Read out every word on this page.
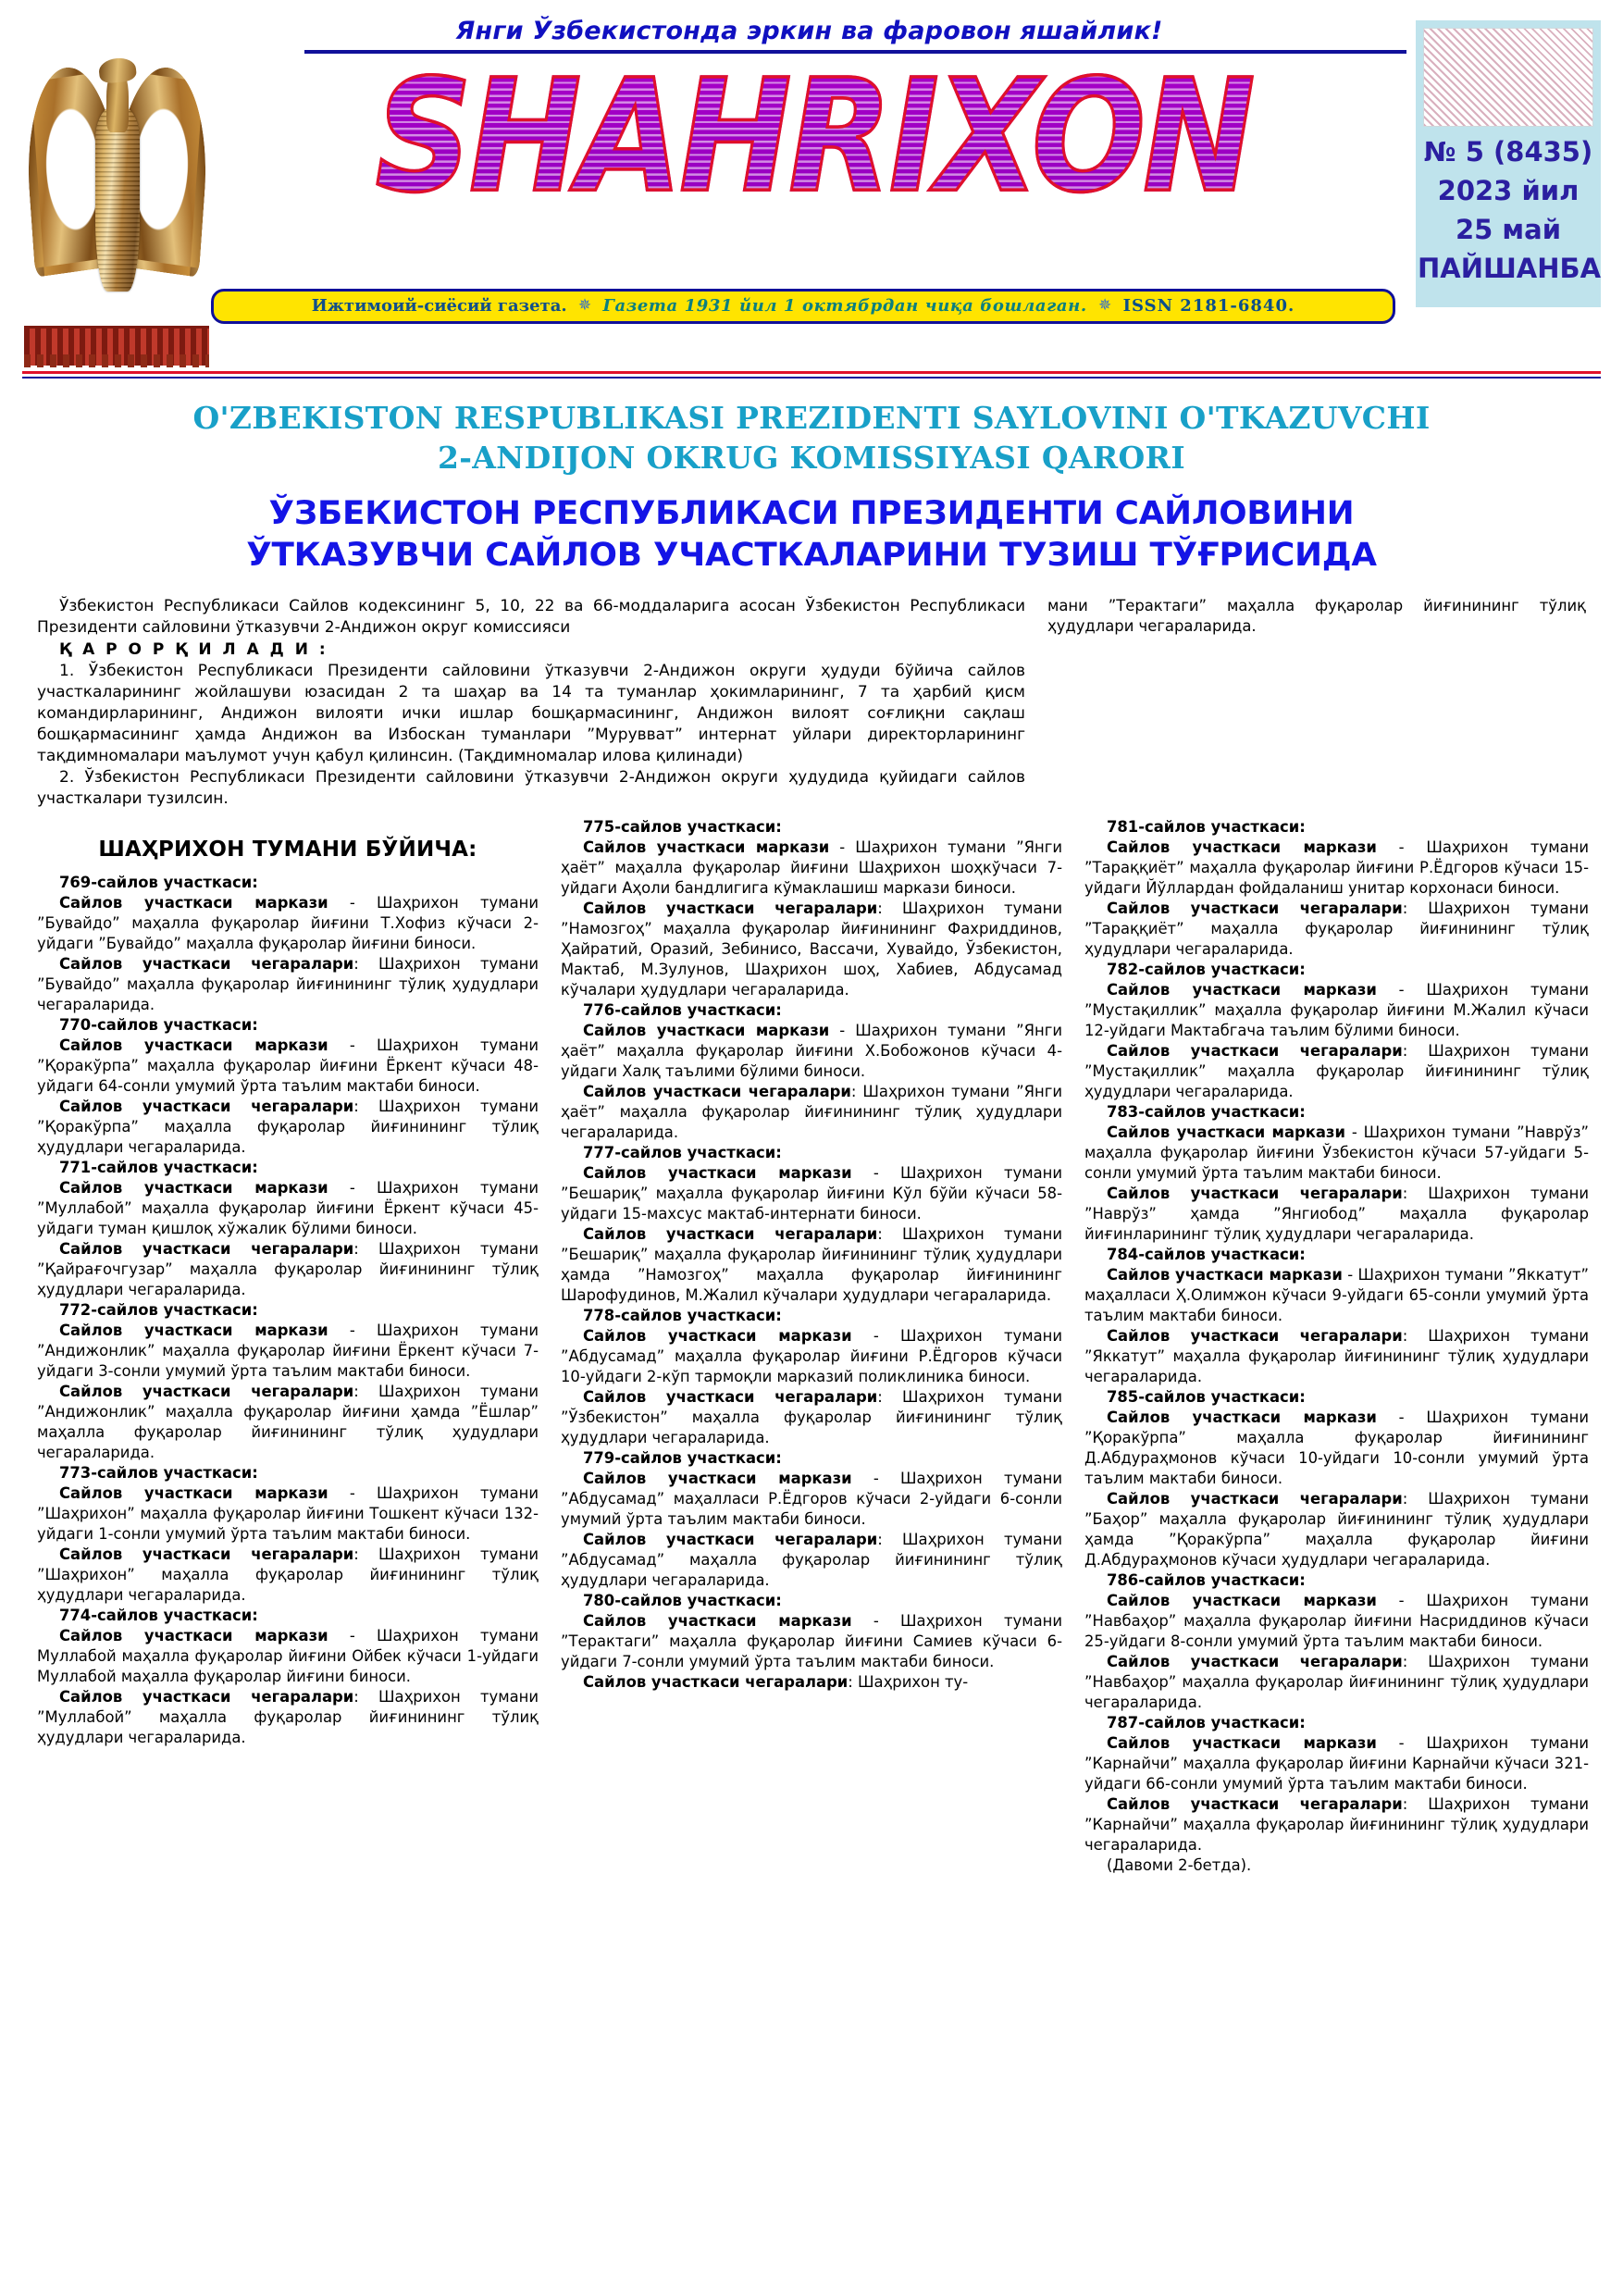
Янги Ўзбекистонда эркин ва фаровон яшайлик!
SHAHRIXON	№ 5 (8435)
2023 йил
25 май
ПАЙШАНБА
Ижтимоий-сиёсий газета. ✵ Газета 1931 йил 1 октябрдан чиқа бошлаган. ✵ ISSN 2181-6840.
O'ZBEKISTON RESPUBLIKASI PREZIDENTI SAYLOVINI O'TKAZUVCHI
2-ANDIJON OKRUG KOMISSIYASI QARORI
ЎЗБЕКИСТОН РЕСПУБЛИКАСИ ПРЕЗИДЕНТИ САЙЛОВИНИ
ЎТКАЗУВЧИ САЙЛОВ УЧАСТКАЛАРИНИ ТУЗИШ ТЎҒРИСИДА

Ўзбекистон Республикаси Сайлов кодексининг 5, 10, 22 ва 66-моддаларига асосан Ўзбекистон Республикаси Президенти сайловини ўтказувчи 2-Андижон округ комиссияси

Қ А Р О Р Қ И Л А Д И :

1. Ўзбекистон Республикаси Президенти сайловини ўтказувчи 2-Андижон округи ҳудуди бўйича сайлов участкаларининг жойлашуви юзасидан 2 та шаҳар ва 14 та туманлар ҳокимларининг, 7 та ҳарбий қисм командирларининг, Андижон вилояти ички ишлар бошқармасининг, Андижон вилоят соғлиқни сақлаш бошқармасининг ҳамда Андижон ва Избоскан туманлари ”Мурувват” интернат уйлари директорларининг тақдимномалари маълумот учун қабул қилинсин. (Тақдимномалар илова қилинади)

2. Ўзбекистон Республикаси Президенти сайловини ўтказувчи 2-Андижон округи ҳудудида қуйидаги сайлов участкалари тузилсин.

мани ”Терактаги” маҳалла фуқаролар йиғинининг тўлиқ ҳудудлари чегараларида.

ШАҲРИХОН ТУМАНИ БЎЙИЧА:

769-сайлов участкаси:

Сайлов участкаси маркази - Шаҳрихон тумани ”Бувайдо” маҳалла фуқаролар йиғини Т.Хофиз кўчаси 2-уйдаги ”Бувайдо” маҳалла фуқаролар йиғини биноси.

Сайлов участкаси чегаралари: Шаҳрихон тумани ”Бувайдо” маҳалла фуқаролар йиғинининг тўлиқ ҳудудлари чегараларида.

770-сайлов участкаси:

Сайлов участкаси маркази - Шаҳрихон тумани ”Қоракўрпа” маҳалла фуқаролар йиғини Ёркент кўчаси 48-уйдаги 64-сонли умумий ўрта таълим мактаби биноси.

Сайлов участкаси чегаралари: Шаҳрихон тумани ”Қоракўрпа” маҳалла фуқаролар йиғинининг тўлиқ ҳудудлари чегараларида.

771-сайлов участкаси:

Сайлов участкаси маркази - Шаҳрихон тумани ”Муллабой” маҳалла фуқаролар йиғини Ёркент кўчаси 45-уйдаги туман қишлоқ хўжалик бўлими биноси.

Сайлов участкаси чегаралари: Шаҳрихон тумани ”Қайрағочгузар” маҳалла фуқаролар йиғинининг тўлиқ ҳудудлари чегараларида.

772-сайлов участкаси:

Сайлов участкаси маркази - Шаҳрихон тумани ”Андижонлик” маҳалла фуқаролар йиғини Ёркент кўчаси 7-уйдаги 3-сонли умумий ўрта таълим мактаби биноси.

Сайлов участкаси чегаралари: Шаҳрихон тумани ”Андижонлик” маҳалла фуқаролар йиғини ҳамда ”Ёшлар” маҳалла фуқаролар йиғинининг тўлиқ ҳудудлари чегараларида.

773-сайлов участкаси:

Сайлов участкаси маркази - Шаҳрихон тумани ”Шаҳрихон” маҳалла фуқаролар йиғини Тошкент кўчаси 132-уйдаги 1-сонли умумий ўрта таълим мактаби биноси.

Сайлов участкаси чегаралари: Шаҳрихон тумани ”Шаҳрихон” маҳалла фуқаролар йиғинининг тўлиқ ҳудудлари чегараларида.

774-сайлов участкаси:

Сайлов участкаси маркази - Шаҳрихон тумани Муллабой маҳалла фуқаролар йиғини Ойбек кўчаси 1-уйдаги Муллабой маҳалла фуқаролар йиғини биноси.

Сайлов участкаси чегаралари: Шаҳрихон тумани ”Муллабой” маҳалла фуқаролар йиғинининг тўлиқ ҳудудлари чегараларида.

775-сайлов участкаси:

Сайлов участкаси маркази - Шаҳрихон тумани ”Янги ҳаёт” маҳалла фуқаролар йиғини Шаҳрихон шоҳкўчаси 7-уйдаги Аҳоли бандлигига кўмаклашиш маркази биноси.

Сайлов участкаси чегаралари: Шаҳрихон тумани ”Намозгоҳ” маҳалла фуқаролар йиғинининг Фахриддинов, Ҳайратий, Оразий, Зебинисо, Вассачи, Хувайдо, Ўзбекистон, Мактаб, М.Зулунов, Шаҳрихон шоҳ, Хабиев, Абдусамад кўчалари ҳудудлари чегараларида.

776-сайлов участкаси:

Сайлов участкаси маркази - Шаҳрихон тумани ”Янги ҳаёт” маҳалла фуқаролар йиғини Х.Бобожонов кўчаси 4-уйдаги Халқ таълими бўлими биноси.

Сайлов участкаси чегаралари: Шаҳрихон тумани ”Янги ҳаёт” маҳалла фуқаролар йиғинининг тўлиқ ҳудудлари чегараларида.

777-сайлов участкаси:

Сайлов участкаси маркази - Шаҳрихон тумани ”Бешариқ” маҳалла фуқаролар йиғини Кўл бўйи кўчаси 58-уйдаги 15-махсус мактаб-интернати биноси.

Сайлов участкаси чегаралари: Шаҳрихон тумани ”Бешариқ” маҳалла фуқаролар йиғинининг тўлиқ ҳудудлари ҳамда ”Намозгоҳ” маҳалла фуқаролар йиғинининг Шарофудинов, М.Жалил кўчалари ҳудудлари чегараларида.

778-сайлов участкаси:

Сайлов участкаси маркази - Шаҳрихон тумани ”Абдусамад” маҳалла фуқаролар йиғини Р.Ёдгоров кўчаси 10-уйдаги 2-кўп тармоқли марказий поликлиника биноси.

Сайлов участкаси чегаралари: Шаҳрихон тумани ”Ўзбекистон” маҳалла фуқаролар йиғинининг тўлиқ ҳудудлари чегараларида.

779-сайлов участкаси:

Сайлов участкаси маркази - Шаҳрихон тумани ”Абдусамад” маҳалласи Р.Ёдгоров кўчаси 2-уйдаги 6-сонли умумий ўрта таълим мактаби биноси.

Сайлов участкаси чегаралари: Шаҳрихон тумани ”Абдусамад” маҳалла фуқаролар йиғинининг тўлиқ ҳудудлари чегараларида.

780-сайлов участкаси:

Сайлов участкаси маркази - Шаҳрихон тумани ”Терактаги” маҳалла фуқаролар йиғини Самиев кўчаси 6-уйдаги 7-сонли умумий ўрта таълим мактаби биноси.

Сайлов участкаси чегаралари: Шаҳрихон ту-

781-сайлов участкаси:

Сайлов участкаси маркази - Шаҳрихон тумани ”Тараққиёт” маҳалла фуқаролар йиғини Р.Ёдгоров кўчаси 15-уйдаги Йўллардан фойдаланиш унитар корхонаси биноси.

Сайлов участкаси чегаралари: Шаҳрихон тумани ”Тараққиёт” маҳалла фуқаролар йиғинининг тўлиқ ҳудудлари чегараларида.

782-сайлов участкаси:

Сайлов участкаси маркази - Шаҳрихон тумани ”Мустақиллик” маҳалла фуқаролар йиғини М.Жалил кўчаси 12-уйдаги Мактабгача таълим бўлими биноси.

Сайлов участкаси чегаралари: Шаҳрихон тумани ”Мустақиллик” маҳалла фуқаролар йиғинининг тўлиқ ҳудудлари чегараларида.

783-сайлов участкаси:

Сайлов участкаси маркази - Шаҳрихон тумани ”Наврўз” маҳалла фуқаролар йиғини Ўзбекистон кўчаси 57-уйдаги 5-сонли умумий ўрта таълим мактаби биноси.

Сайлов участкаси чегаралари: Шаҳрихон тумани ”Наврўз” ҳамда ”Янгиобод” маҳалла фуқаролар йиғинларининг тўлиқ ҳудудлари чегараларида.

784-сайлов участкаси:

Сайлов участкаси маркази - Шаҳрихон тумани ”Яккатут” маҳалласи Ҳ.Олимжон кўчаси 9-уйдаги 65-сонли умумий ўрта таълим мактаби биноси.

Сайлов участкаси чегаралари: Шаҳрихон тумани ”Яккатут” маҳалла фуқаролар йиғинининг тўлиқ ҳудудлари чегараларида.

785-сайлов участкаси:

Сайлов участкаси маркази - Шаҳрихон тумани ”Қоракўрпа” маҳалла фуқаролар йиғинининг Д.Абдураҳмонов кўчаси 10-уйдаги 10-сонли умумий ўрта таълим мактаби биноси.

Сайлов участкаси чегаралари: Шаҳрихон тумани ”Баҳор” маҳалла фуқаролар йиғинининг тўлиқ ҳудудлари ҳамда ”Қоракўрпа” маҳалла фуқаролар йиғини Д.Абдураҳмонов кўчаси ҳудудлари чегараларида.

786-сайлов участкаси:

Сайлов участкаси маркази - Шаҳрихон тумани ”Навбаҳор” маҳалла фуқаролар йиғини Насриддинов кўчаси 25-уйдаги 8-сонли умумий ўрта таълим мактаби биноси.

Сайлов участкаси чегаралари: Шаҳрихон тумани ”Навбаҳор” маҳалла фуқаролар йиғинининг тўлиқ ҳудудлари чегараларида.

787-сайлов участкаси:

Сайлов участкаси маркази - Шаҳрихон тумани ”Карнайчи” маҳалла фуқаролар йиғини Карнайчи кўчаси 321-уйдаги 66-сонли умумий ўрта таълим мактаби биноси.

Сайлов участкаси чегаралари: Шаҳрихон тумани ”Карнайчи” маҳалла фуқаролар йиғинининг тўлиқ ҳудудлари чегараларида.

(Давоми 2-бетда).
